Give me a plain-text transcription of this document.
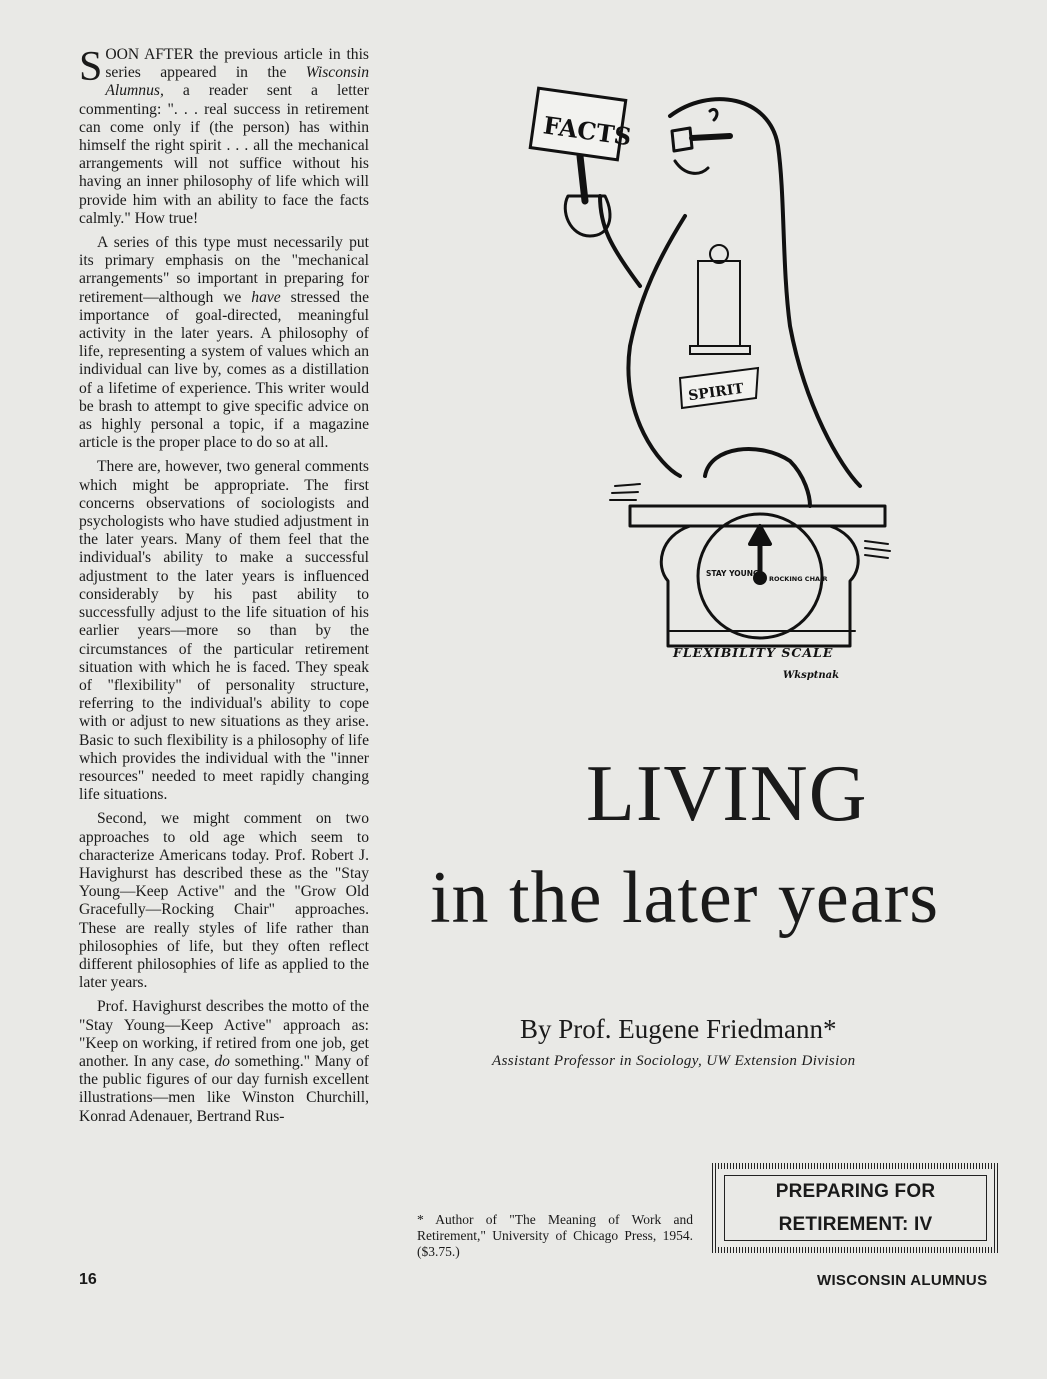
SOON AFTER the previous article in this series appeared in the Wisconsin Alumnus, a reader sent a letter commenting: ". . . real success in retirement can come only if (the person) has within himself the right spirit . . . all the mechanical arrangements will not suffice without his having an inner philosophy of life which will provide him with an ability to face the facts calmly." How true!

A series of this type must necessarily put its primary emphasis on the "mechanical arrangements" so important in preparing for retirement—although we have stressed the importance of goal-directed, meaningful activity in the later years. A philosophy of life, representing a system of values which an individual can live by, comes as a distillation of a lifetime of experience. This writer would be brash to attempt to give specific advice on as highly personal a topic, if a magazine article is the proper place to do so at all.

There are, however, two general comments which might be appropriate. The first concerns observations of sociologists and psychologists who have studied adjustment in the later years. Many of them feel that the individual's ability to make a successful adjustment to the later years is influenced considerably by his past ability to successfully adjust to the life situation of his earlier years—more so than by the circumstances of the particular retirement situation with which he is faced. They speak of "flexibility" of personality structure, referring to the individual's ability to cope with or adjust to new situations as they arise. Basic to such flexibility is a philosophy of life which provides the individual with the "inner resources" needed to meet rapidly changing life situations.

Second, we might comment on two approaches to old age which seem to characterize Americans today. Prof. Robert J. Havighurst has described these as the "Stay Young—Keep Active" and the "Grow Old Gracefully—Rocking Chair" approaches. These are really styles of life rather than philosophies of life, but they often reflect different philosophies of life as applied to the later years.

Prof. Havighurst describes the motto of the "Stay Young—Keep Active" approach as: "Keep on working, if retired from one job, get another. In any case, do something." Many of the public figures of our day furnish excellent illustrations—men like Winston Churchill, Konrad Adenauer, Bertrand Rus-

FACTS
SPIRIT
STAY YOUNG
ROCKING CHAIR
FLEXIBILITY SCALE
Wksptnak
LIVING
in the later years
By Prof. Eugene Friedmann*
Assistant Professor in Sociology, UW Extension Division
* Author of "The Meaning of Work and Retirement," University of Chicago Press, 1954. ($3.75.)
PREPARING FOR
RETIREMENT: IV
16	WISCONSIN ALUMNUS
